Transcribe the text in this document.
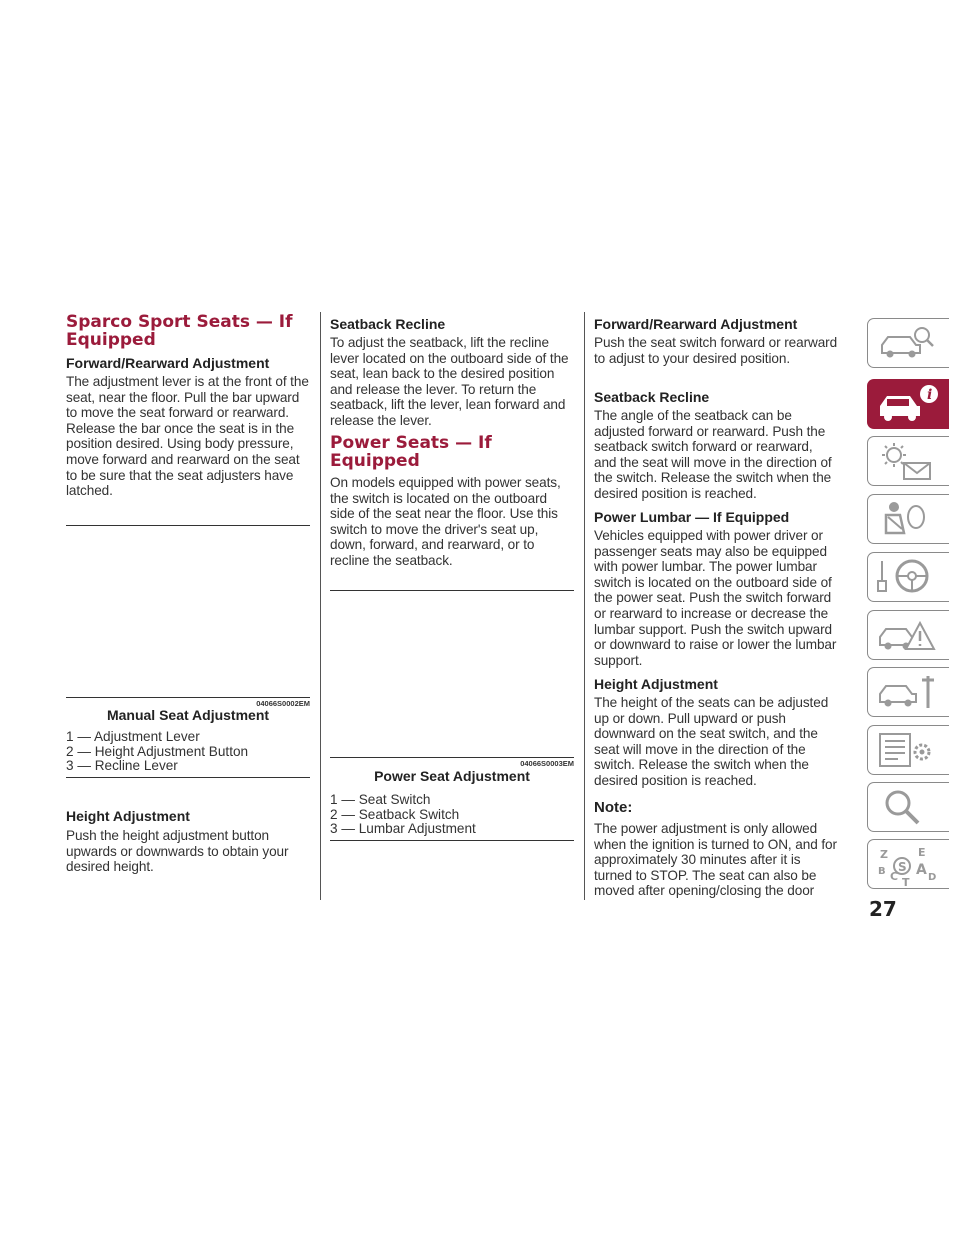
Sparco Sport Seats — If Equipped
Forward/Rearward Adjustment

The adjustment lever is at the front of the seat, near the floor. Pull the bar upward to move the seat forward or rearward. Release the bar once the seat is in the position desired. Using body pressure, move forward and rearward on the seat to be sure that the seat adjusters have latched.

04066S0002EM
Manual Seat Adjustment
1 — Adjustment Lever
2 — Height Adjustment Button
3 — Recline Lever
Height Adjustment

Push the height adjustment button upwards or downwards to obtain your desired height.

Seatback Recline

To adjust the seatback, lift the recline lever located on the outboard side of the seat, lean back to the desired position and release the lever. To return the seatback, lift the lever, lean forward and release the lever.

Power Seats — If Equipped

On models equipped with power seats, the switch is located on the outboard side of the seat near the floor. Use this switch to move the driver's seat up, down, forward, and rearward, or to recline the seatback.

04066S0003EM
Power Seat Adjustment
1 — Seat Switch
2 — Seatback Switch
3 — Lumbar Adjustment
Forward/Rearward Adjustment

Push the seat switch forward or rearward to adjust to your desired position.

Seatback Recline

The angle of the seatback can be adjusted forward or rearward. Push the seatback switch forward or rearward, and the seat will move in the direction of the switch. Release the switch when the desired position is reached.

Power Lumbar — If Equipped

Vehicles equipped with power driver or passenger seats may also be equipped with power lumbar. The power lumbar switch is located on the outboard side of the power seat. Push the switch forward or rearward to increase or decrease the lumbar support. Push the switch upward or downward to raise or lower the lumbar support.

Height Adjustment

The height of the seats can be adjusted up or down. Pull upward or push downward on the seat switch, and the seat will move in the direction of the switch. Release the switch when the desired position is reached.

Note:

The power adjustment is only allowed when the ignition is turned to ON, and for approximately 30 minutes after it is turned to STOP. The seat can also be moved after opening/closing the door

i
Z	E
B A
C	D
T
S
27
